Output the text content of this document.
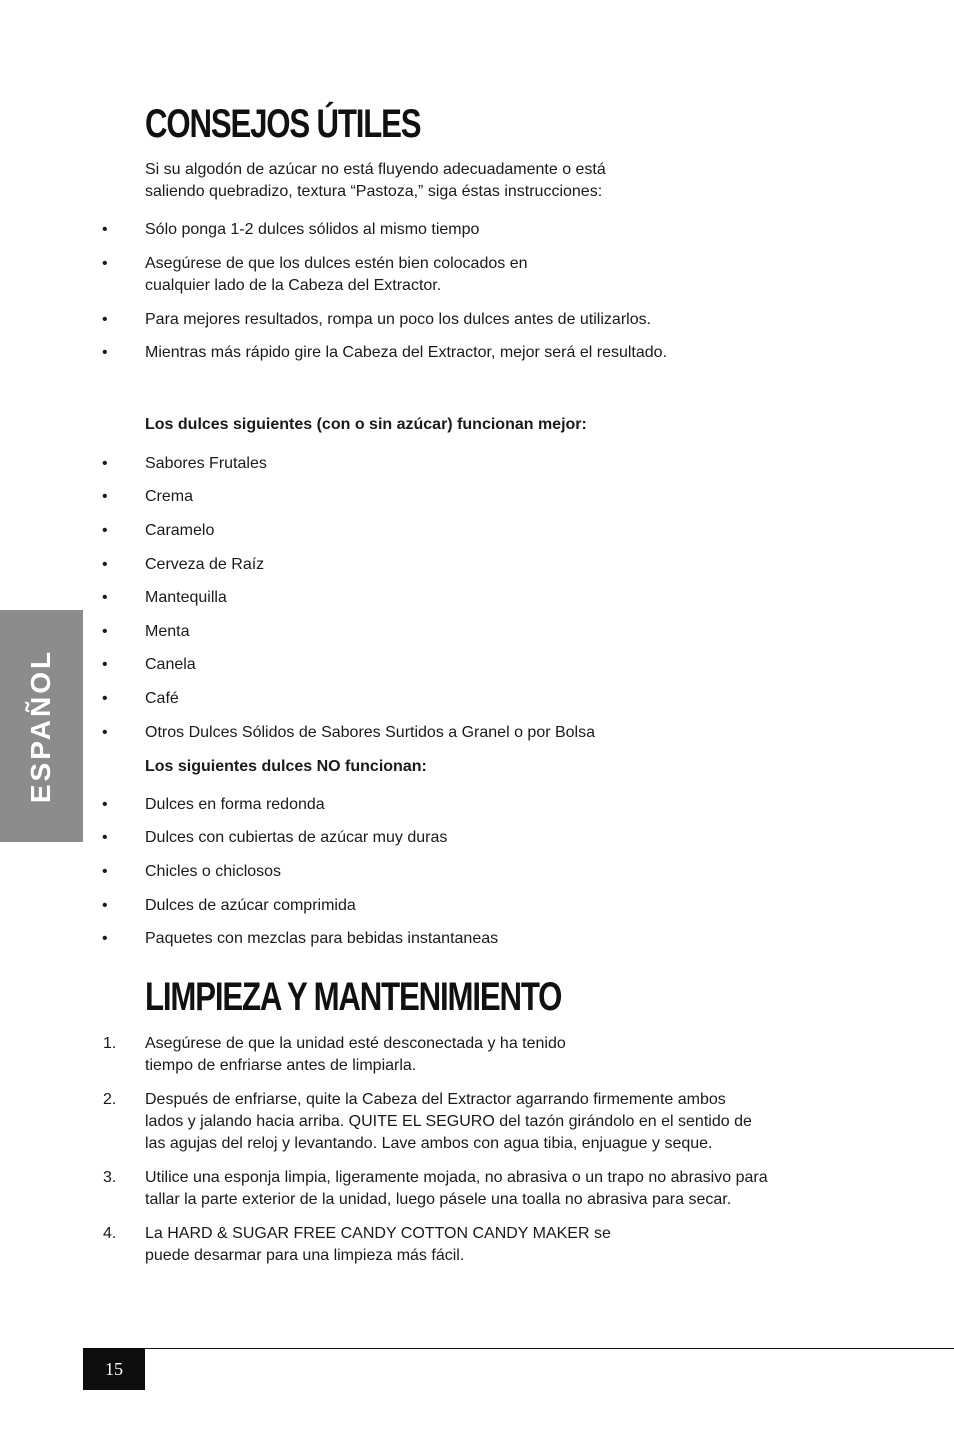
ESPAÑOL
CONSEJOS ÚTILES

Si su algodón de azúcar no está fluyendo adecuadamente o está
saliendo quebradizo, textura “Pastoza,” siga éstas instrucciones:

•	Sólo ponga 1-2 dulces sólidos al mismo tiempo
•	Asegúrese de que los dulces estén bien colocados en
cualquier lado de la Cabeza del Extractor.
•	Para mejores resultados, rompa un poco los dulces antes de utilizarlos.
•	Mientras más rápido gire la Cabeza del Extractor, mejor será el resultado.

Los dulces siguientes (con o sin azúcar) funcionan mejor:

•	Sabores Frutales
•	Crema
•	Caramelo
•	Cerveza de Raíz
•	Mantequilla
•	Menta
•	Canela
•	Café
•	Otros Dulces Sólidos de Sabores Surtidos a Granel o por Bolsa

Los siguientes dulces NO funcionan:

•	Dulces en forma redonda
•	Dulces con cubiertas de azúcar muy duras
•	Chicles o chiclosos
•	Dulces de azúcar comprimida
•	Paquetes con mezclas para bebidas instantaneas
LIMPIEZA Y MANTENIMIENTO
1.	Asegúrese de que la unidad esté desconectada y ha tenido
tiempo de enfriarse antes de limpiarla.
2.	Después de enfriarse, quite la Cabeza del Extractor agarrando firmemente ambos
lados y jalando hacia arriba. QUITE EL SEGURO del tazón girándolo en el sentido de
las agujas del reloj y levantando. Lave ambos con agua tibia, enjuague y seque.
3.	Utilice una esponja limpia, ligeramente mojada, no abrasiva o un trapo no abrasivo para
tallar la parte exterior de la unidad, luego pásele una toalla no abrasiva para secar.
4.	La HARD & SUGAR FREE CANDY COTTON CANDY MAKER se
puede desarmar para una limpieza más fácil.
15
